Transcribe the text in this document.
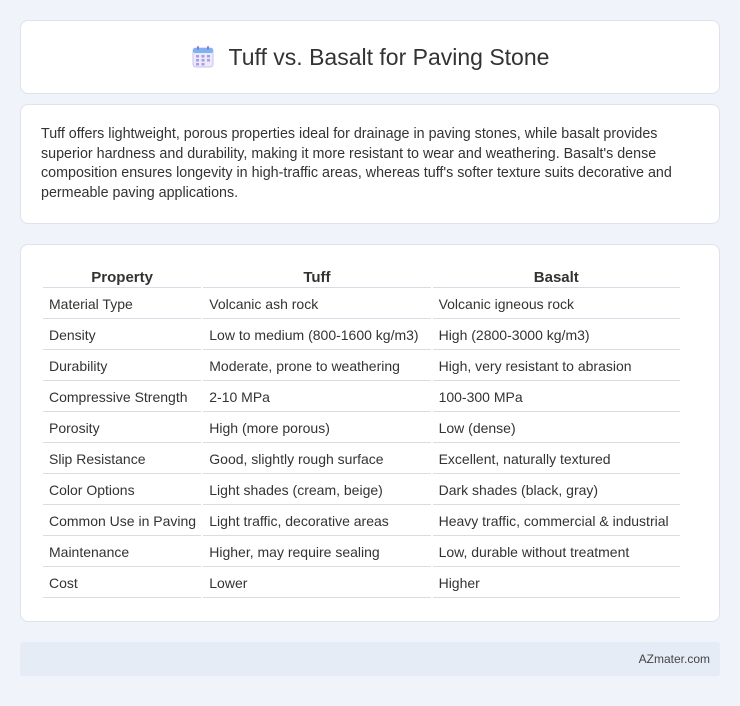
Tuff vs. Basalt for Paving Stone

Tuff offers lightweight, porous properties ideal for drainage in paving stones, while basalt provides superior hardness and durability, making it more resistant to wear and weathering. Basalt's dense composition ensures longevity in high-traffic areas, whereas tuff's softer texture suits decorative and permeable paving applications.

Property	Tuff	Basalt
Material Type	Volcanic ash rock	Volcanic igneous rock
Density	Low to medium (800-1600 kg/m3)	High (2800-3000 kg/m3)
Durability	Moderate, prone to weathering	High, very resistant to abrasion
Compressive Strength	2-10 MPa	100-300 MPa
Porosity	High (more porous)	Low (dense)
Slip Resistance	Good, slightly rough surface	Excellent, naturally textured
Color Options	Light shades (cream, beige)	Dark shades (black, gray)
Common Use in Paving	Light traffic, decorative areas	Heavy traffic, commercial & industrial
Maintenance	Higher, may require sealing	Low, durable without treatment
Cost	Lower	Higher
AZmater.com
